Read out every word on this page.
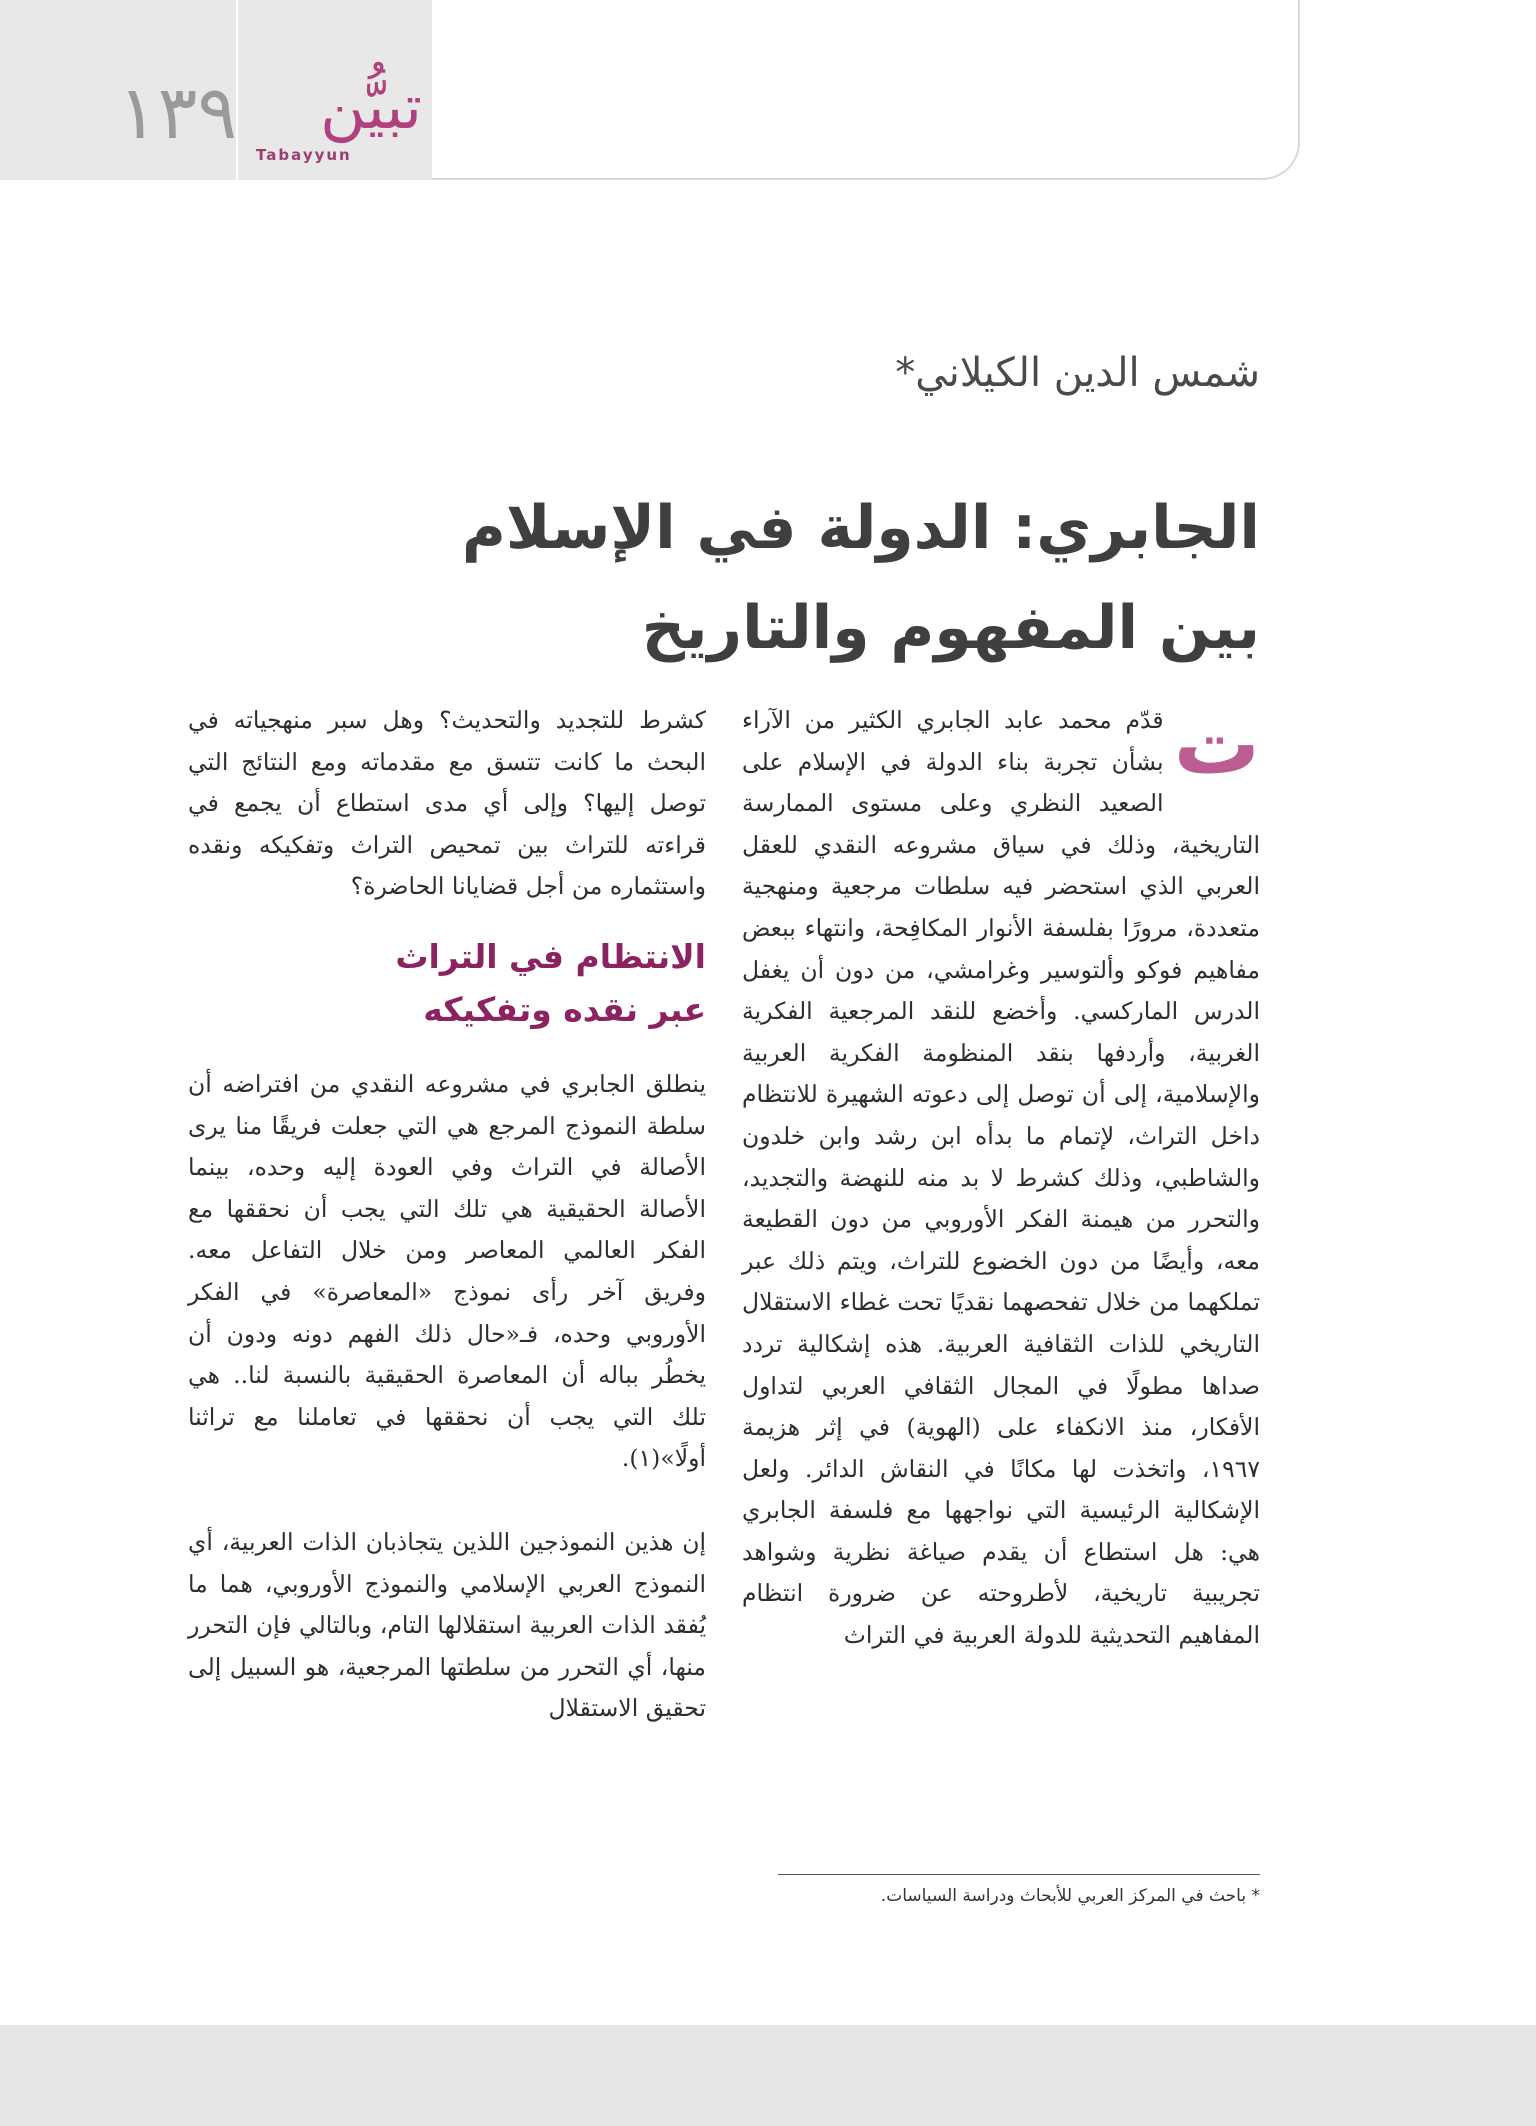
١٣٩ تبيُّن
Tabayyun
شمس الدين الكيلاني*
الجابري: الدولة في الإسلام
بين المفهوم والتاريخ
ت

قدّم محمد عابد الجابري الكثير من الآراء بشأن تجربة بناء الدولة في الإسلام على الصعيد النظري وعلى مستوى الممارسة التاريخية، وذلك في سياق مشروعه النقدي للعقل العربي الذي استحضر فيه سلطات مرجعية ومنهجية متعددة، مرورًا بفلسفة الأنوار المكافِحة، وانتهاء ببعض مفاهيم فوكو وألتوسير وغرامشي، من دون أن يغفل الدرس الماركسي. وأخضع للنقد المرجعية الفكرية الغربية، وأردفها بنقد المنظومة الفكرية العربية والإسلامية، إلى أن توصل إلى دعوته الشهيرة للانتظام داخل التراث، لإتمام ما بدأه ابن رشد وابن خلدون والشاطبي، وذلك كشرط لا بد منه للنهضة والتجديد، والتحرر من هيمنة الفكر الأوروبي من دون القطيعة معه، وأيضًا من دون الخضوع للتراث، ويتم ذلك عبر تملكهما من خلال تفحصهما نقديًا تحت غطاء الاستقلال التاريخي للذات الثقافية العربية. هذه إشكالية تردد صداها مطولًا في المجال الثقافي العربي لتداول الأفكار، منذ الانكفاء على (الهوية) في إثر هزيمة ١٩٦٧، واتخذت لها مكانًا في النقاش الدائر. ولعل الإشكالية الرئيسية التي نواجهها مع فلسفة الجابري هي: هل استطاع أن يقدم صياغة نظرية وشواهد تجريبية تاريخية، لأطروحته عن ضرورة انتظام المفاهيم التحديثية للدولة العربية في التراث

كشرط للتجديد والتحديث؟ وهل سبر منهجياته في البحث ما كانت تتسق مع مقدماته ومع النتائج التي توصل إليها؟ وإلى أي مدى استطاع أن يجمع في قراءته للتراث بين تمحيص التراث وتفكيكه ونقده واستثماره من أجل قضايانا الحاضرة؟

الانتظام في التراث
عبر نقده وتفكيكه

ينطلق الجابري في مشروعه النقدي من افتراضه أن سلطة النموذج المرجع هي التي جعلت فريقًا منا يرى الأصالة في التراث وفي العودة إليه وحده، بينما الأصالة الحقيقية هي تلك التي يجب أن نحققها مع الفكر العالمي المعاصر ومن خلال التفاعل معه. وفريق آخر رأى نموذج «المعاصرة» في الفكر الأوروبي وحده، فـ«حال ذلك الفهم دونه ودون أن يخطُر بباله أن المعاصرة الحقيقية بالنسبة لنا.. هي تلك التي يجب أن نحققها في تعاملنا مع تراثنا أولًا»(١).

إن هذين النموذجين اللذين يتجاذبان الذات العربية، أي النموذج العربي الإسلامي والنموذج الأوروبي، هما ما يُفقد الذات العربية استقلالها التام، وبالتالي فإن التحرر منها، أي التحرر من سلطتها المرجعية، هو السبيل إلى تحقيق الاستقلال

* باحث في المركز العربي للأبحاث ودراسة السياسات.
